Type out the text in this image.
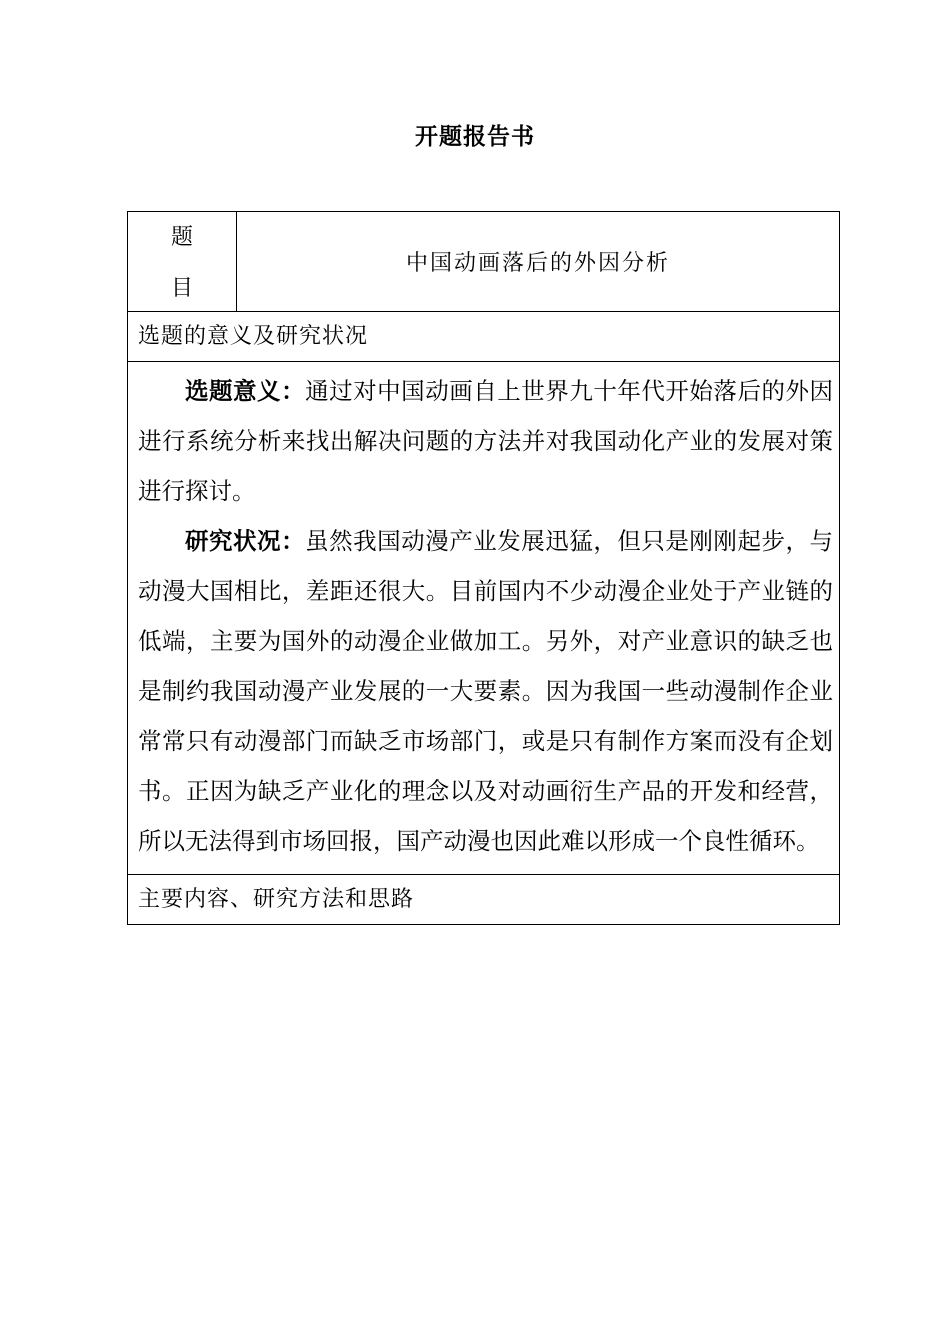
开题报告书
题
目
	中国动画落后的外因分析
选题的意义及研究状况

选题意义：通过对中国动画自上世界九十年代开始落后的外因进行系统分析来找出解决问题的方法并对我国动化产业的发展对策进行探讨。

研究状况：虽然我国动漫产业发展迅猛，但只是刚刚起步，与动漫大国相比，差距还很大。目前国内不少动漫企业处于产业链的低端，主要为国外的动漫企业做加工。另外，对产业意识的缺乏也是制约我国动漫产业发展的一大要素。因为我国一些动漫制作企业常常只有动漫部门而缺乏市场部门，或是只有制作方案而没有企划书。正因为缺乏产业化的理念以及对动画衍生产品的开发和经营，所以无法得到市场回报，国产动漫也因此难以形成一个良性循环。

主要内容、研究方法和思路
